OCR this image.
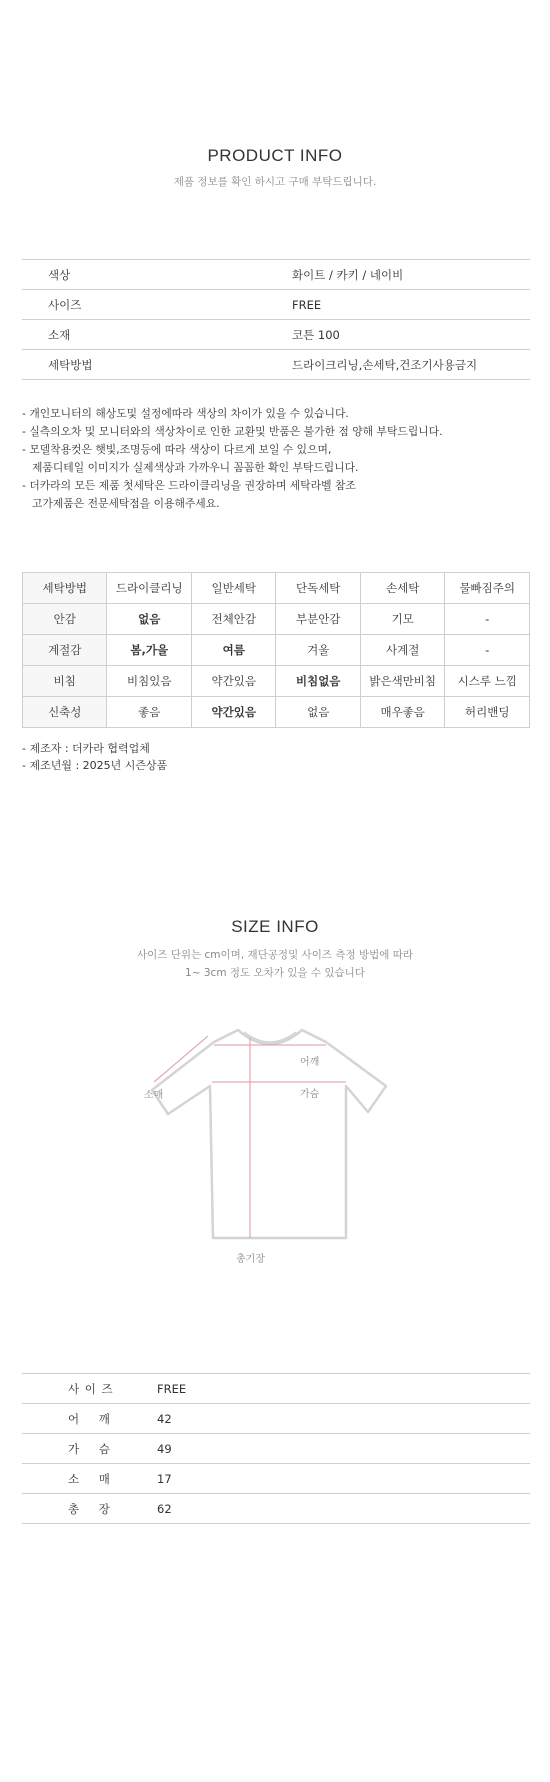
PRODUCT INFO
제품 정보를 확인 하시고 구매 부탁드립니다.
색상	화이트 / 카키 / 네이비
사이즈	FREE
소재	코튼 100
세탁방법	드라이크리닝,손세탁,건조기사용금지
- 개인모니터의 해상도및 설정에따라 색상의 차이가 있을 수 있습니다.
- 실측의오차 및 모니터와의 색상차이로 인한 교환및 반품은 불가한 점 양해 부탁드립니다.
- 모델착용컷은 햇빛,조명등에 따라 색상이 다르게 보일 수 있으며,
제품디테일 이미지가 실제색상과 가까우니 꼼꼼한 확인 부탁드립니다.
- 더카라의 모든 제품 첫세탁은 드라이클리닝을 권장하며 세탁라벨 참조
고가제품은 전문세탁점을 이용해주세요.
세탁방법	드라이클리닝	일반세탁	단독세탁	손세탁	물빠짐주의
안감	없음	전체안감	부분안감	기모	-
계절감	봄,가을	여름	겨울	사계절	-
비침	비침있음	약간있음	비침없음	밝은색만비침	시스루 느낌
신축성	좋음	약간있음	없음	매우좋음	허리밴딩
- 제조자 : 더카라 협력업체
- 제조년월 : 2025년 시즌상품
SIZE INFO
사이즈 단위는 cm이며, 재단공정및 사이즈 측정 방법에 따라
1~ 3cm 정도 오차가 있을 수 있습니다
어깨
가슴
소매
총기장
사 이 즈	FREE
어    깨	42
가    슴	49
소    매	17
총    장	62
